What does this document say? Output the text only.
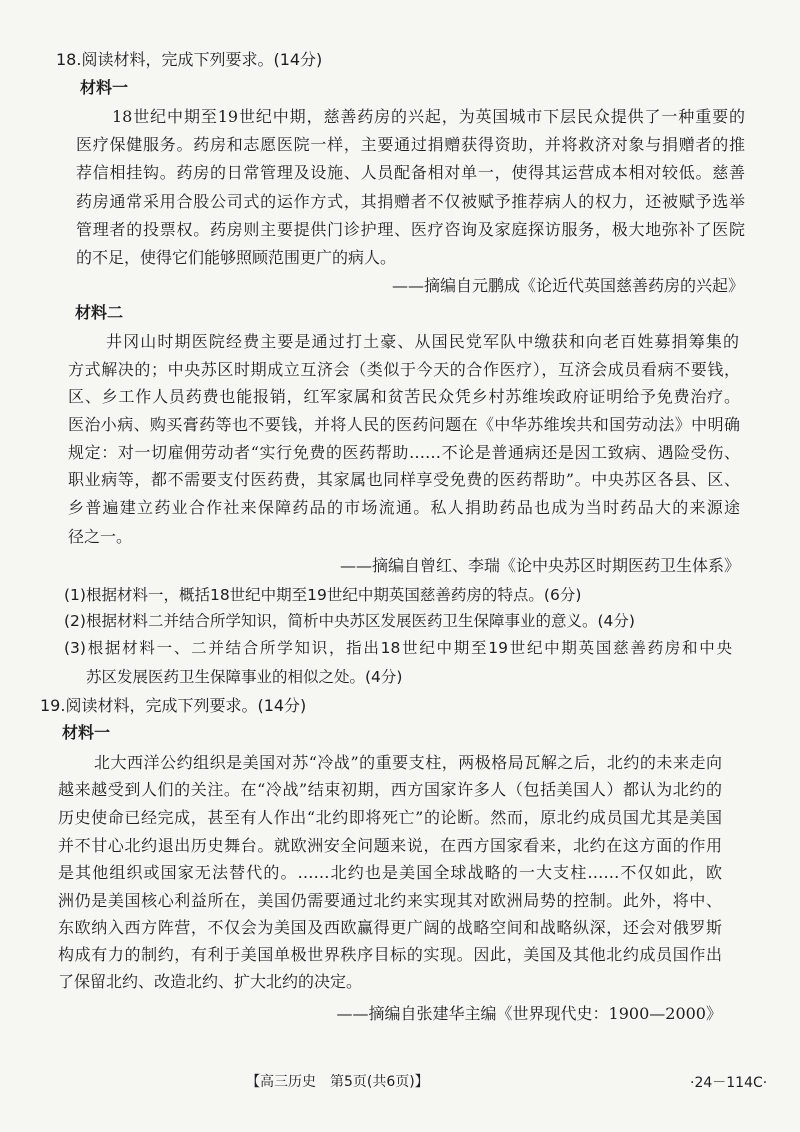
18.阅读材料，完成下列要求。(14分)
材料一
18世纪中期至19世纪中期，慈善药房的兴起，为英国城市下层民众提供了一种重要的
医疗保健服务。药房和志愿医院一样，主要通过捐赠获得资助，并将救济对象与捐赠者的推
荐信相挂钩。药房的日常管理及设施、人员配备相对单一，使得其运营成本相对较低。慈善
药房通常采用合股公司式的运作方式，其捐赠者不仅被赋予推荐病人的权力，还被赋予选举
管理者的投票权。药房则主要提供门诊护理、医疗咨询及家庭探访服务，极大地弥补了医院
的不足，使得它们能够照顾范围更广的病人。
——摘编自元鹏成《论近代英国慈善药房的兴起》
材料二
井冈山时期医院经费主要是通过打土豪、从国民党军队中缴获和向老百姓募捐筹集的
方式解决的；中央苏区时期成立互济会（类似于今天的合作医疗），互济会成员看病不要钱，
区、乡工作人员药费也能报销，红军家属和贫苦民众凭乡村苏维埃政府证明给予免费治疗。
医治小病、购买膏药等也不要钱，并将人民的医药问题在《中华苏维埃共和国劳动法》中明确
规定：对一切雇佣劳动者“实行免费的医药帮助……不论是普通病还是因工致病、遇险受伤、
职业病等，都不需要支付医药费，其家属也同样享受免费的医药帮助”。中央苏区各县、区、
乡普遍建立药业合作社来保障药品的市场流通。私人捐助药品也成为当时药品大的来源途
径之一。
——摘编自曾红、李瑞《论中央苏区时期医药卫生体系》
(1)根据材料一，概括18世纪中期至19世纪中期英国慈善药房的特点。(6分)
(2)根据材料二并结合所学知识，简析中央苏区发展医药卫生保障事业的意义。(4分)
(3)根据材料一、二并结合所学知识，指出18世纪中期至19世纪中期英国慈善药房和中央
苏区发展医药卫生保障事业的相似之处。(4分)
19.阅读材料，完成下列要求。(14分)
材料一
北大西洋公约组织是美国对苏“冷战”的重要支柱，两极格局瓦解之后，北约的未来走向
越来越受到人们的关注。在“冷战”结束初期，西方国家许多人（包括美国人）都认为北约的
历史使命已经完成，甚至有人作出“北约即将死亡”的论断。然而，原北约成员国尤其是美国
并不甘心北约退出历史舞台。就欧洲安全问题来说，在西方国家看来，北约在这方面的作用
是其他组织或国家无法替代的。……北约也是美国全球战略的一大支柱……不仅如此，欧
洲仍是美国核心利益所在，美国仍需要通过北约来实现其对欧洲局势的控制。此外，将中、
东欧纳入西方阵营，不仅会为美国及西欧赢得更广阔的战略空间和战略纵深，还会对俄罗斯
构成有力的制约，有利于美国单极世界秩序目标的实现。因此，美国及其他北约成员国作出
了保留北约、改造北约、扩大北约的决定。
——摘编自张建华主编《世界现代史：1900—2000》
【高三历史　第5页(共6页)】	·24－114C·
